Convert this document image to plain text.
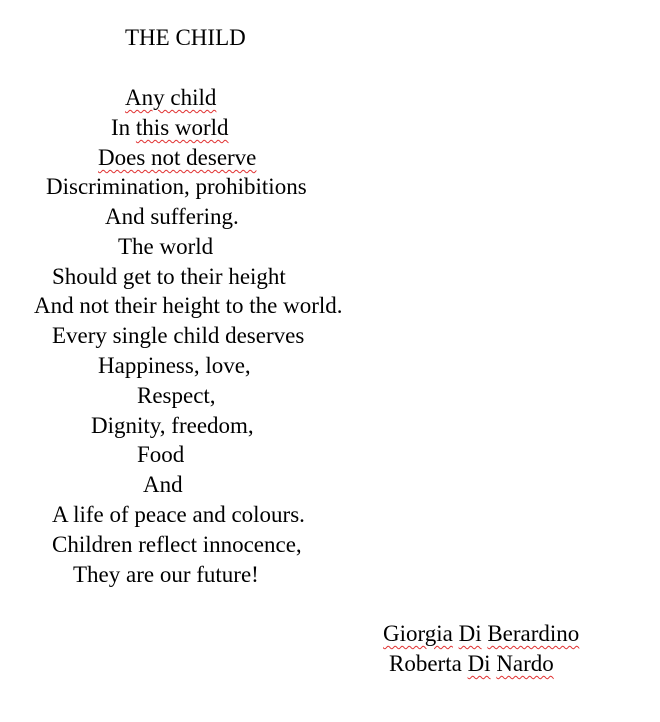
THE CHILD
Any child
In this world
Does not deserve
Discrimination, prohibitions
And suffering.
The world
Should get to their height
And not their height to the world.
Every single child deserves
Happiness, love,
Respect,
Dignity, freedom,
Food
And
A life of peace and colours.
Children reflect innocence,
They are our future!
Giorgia Di Berardino
Roberta Di Nardo
